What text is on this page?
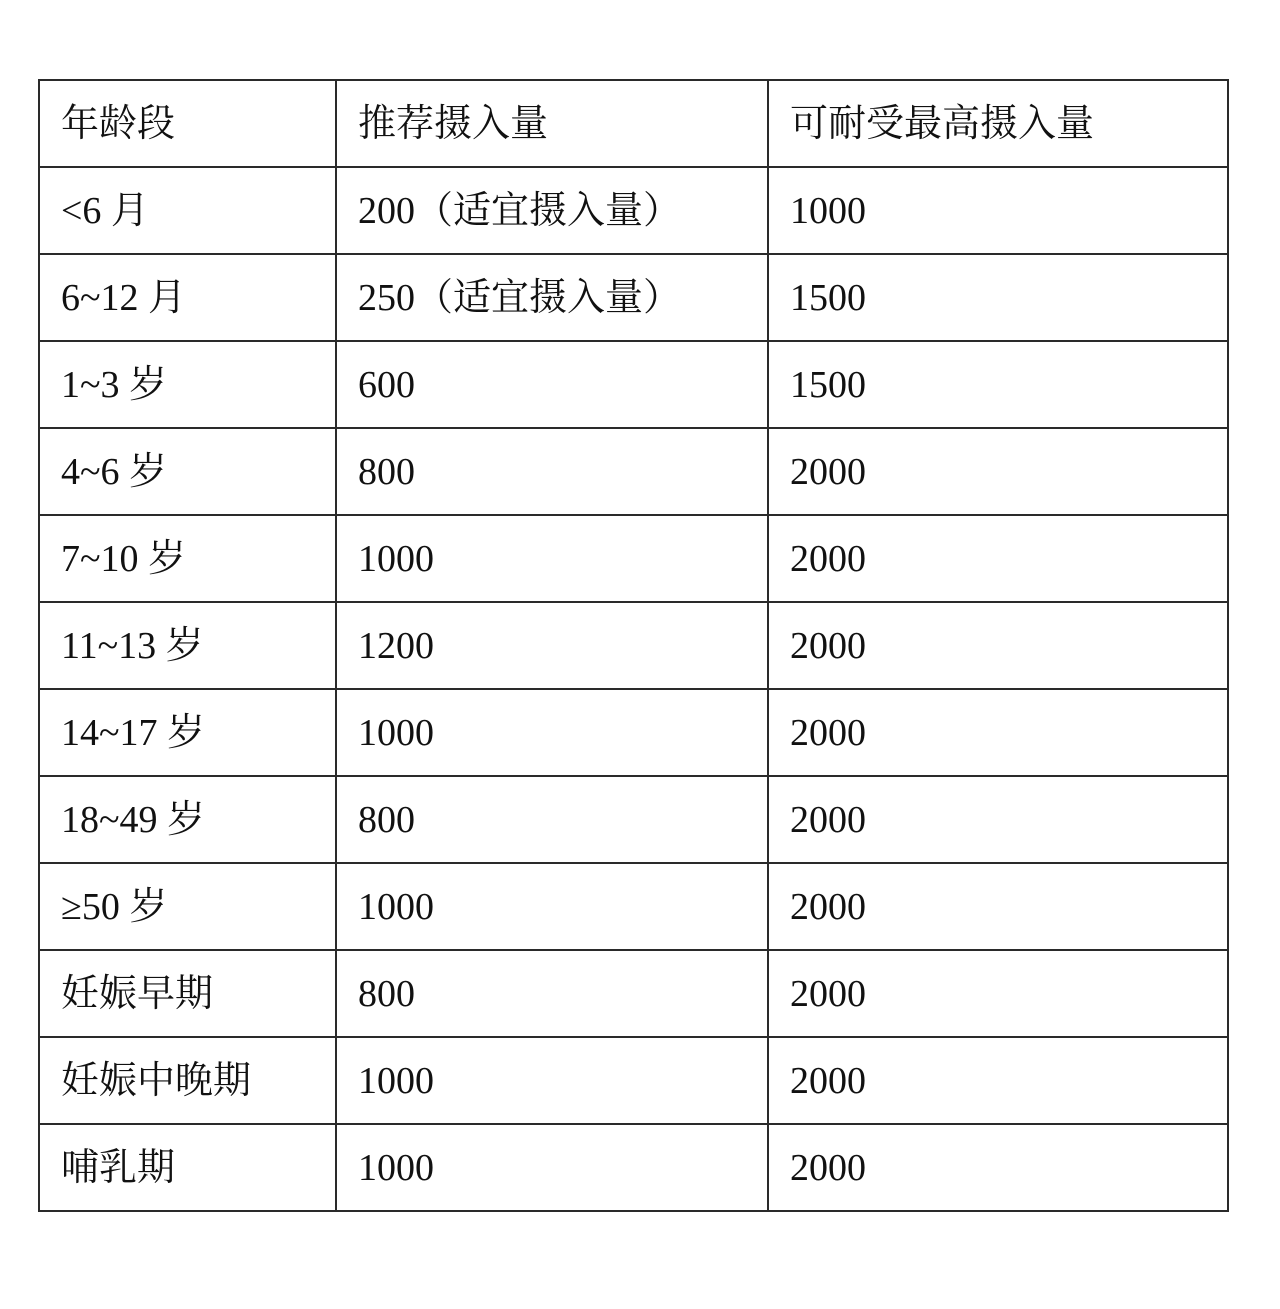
年龄段	推荐摄入量	可耐受最高摄入量
<6 月	200（适宜摄入量）	1000
6~12 月	250（适宜摄入量）	1500
1~3 岁	600	1500
4~6 岁	800	2000
7~10 岁	1000	2000
11~13 岁	1200	2000
14~17 岁	1000	2000
18~49 岁	800	2000
≥50 岁	1000	2000
妊娠早期	800	2000
妊娠中晚期	1000	2000
哺乳期	1000	2000
